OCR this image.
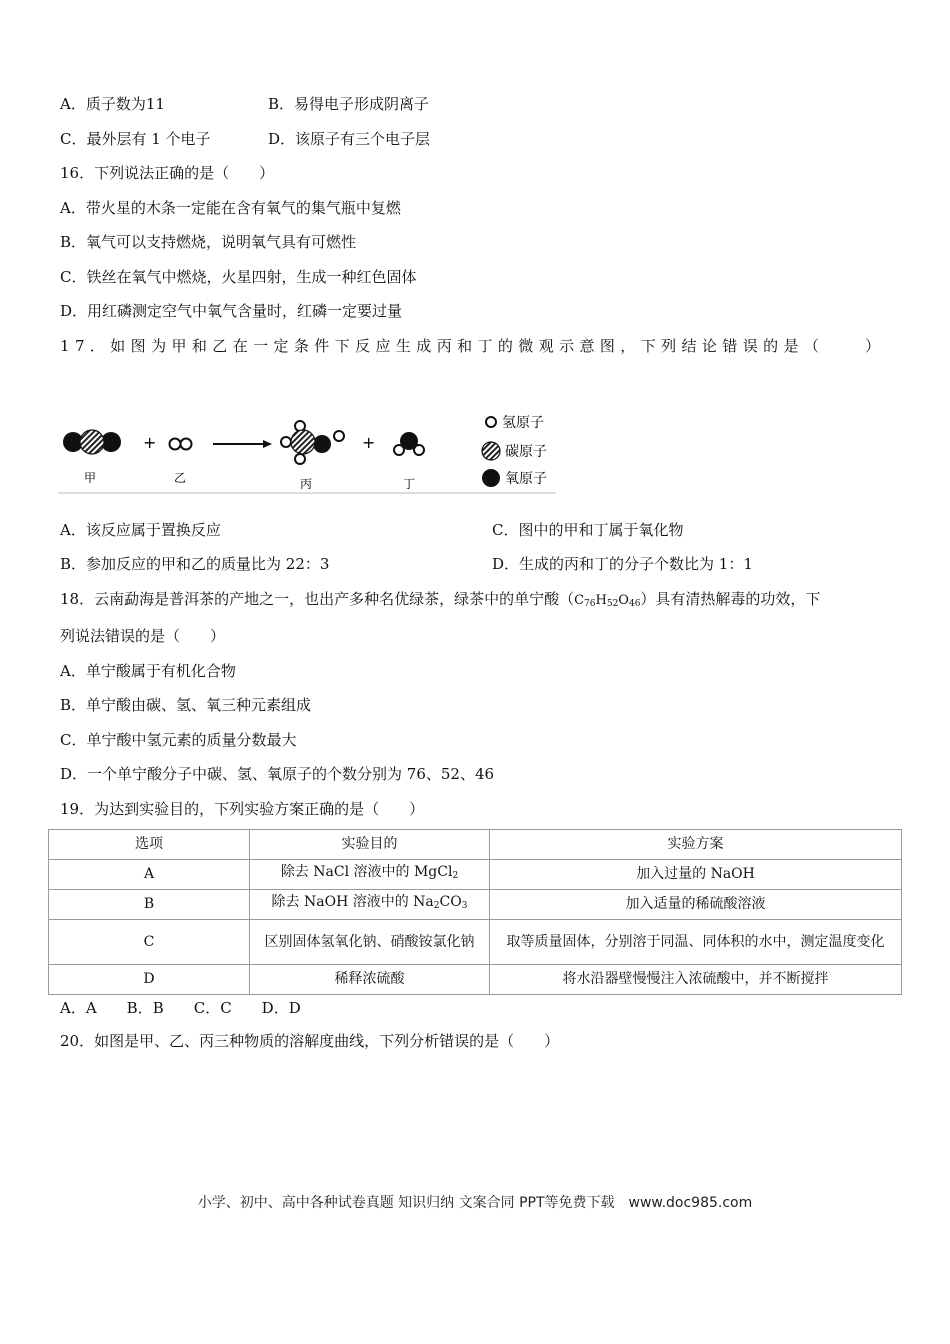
A．质子数为11	B．易得电子形成阴离子
C．最外层有 1 个电子	D．该原子有三个电子层
16．下列说法正确的是（　　）
A．带火星的木条一定能在含有氧气的集气瓶中复燃
B．氧气可以支持燃烧，说明氧气具有可燃性
C．铁丝在氧气中燃烧，火星四射，生成一种红色固体
D．用红磷测定空气中氧气含量时，红磷一定要过量
17．如图为甲和乙在一定条件下反应生成丙和丁的微观示意图，下列结论错误的是（　　）
+	+
甲	乙	丙	丁
氢原子
碳原子
氧原子
A．该反应属于置换反应	C．图中的甲和丁属于氧化物
B．参加反应的甲和乙的质量比为 22：3	D．生成的丙和丁的分子个数比为 1：1
18．云南勐海是普洱茶的产地之一，也出产多种名优绿茶，绿茶中的单宁酸$(C_{76}H_{52}O_{46})$具有清热解毒的功效，下
列说法错误的是（　　）
A．单宁酸属于有机化合物
B．单宁酸由碳、氢、氧三种元素组成
C．单宁酸中氢元素的质量分数最大
D．一个单宁酸分子中碳、氢、氧原子的个数分别为 76、52、46
19．为达到实验目的，下列实验方案正确的是（　　）
选项	实验目的	实验方案
A	除去 NaCl 溶液中的 MgCl$_2$	加入过量的 NaOH
B	除去 NaOH 溶液中的 $Na_2CO_3$	加入适量的稀硫酸溶液
C	区别固体氢氧化钠、硝酸铵氯化钠	取等质量固体，分别溶于同温、同体积的水中，测定温度变化
D	稀释浓硫酸	将水沿器壁慢慢注入浓硫酸中，并不断搅拌
A．A　　B．B　　C．C　　D．D
20．如图是甲、乙、丙三种物质的溶解度曲线，下列分析错误的是（　　）
小学、初中、高中各种试卷真题 知识归纳 文案合同 PPT等免费下载　www.doc985.com
